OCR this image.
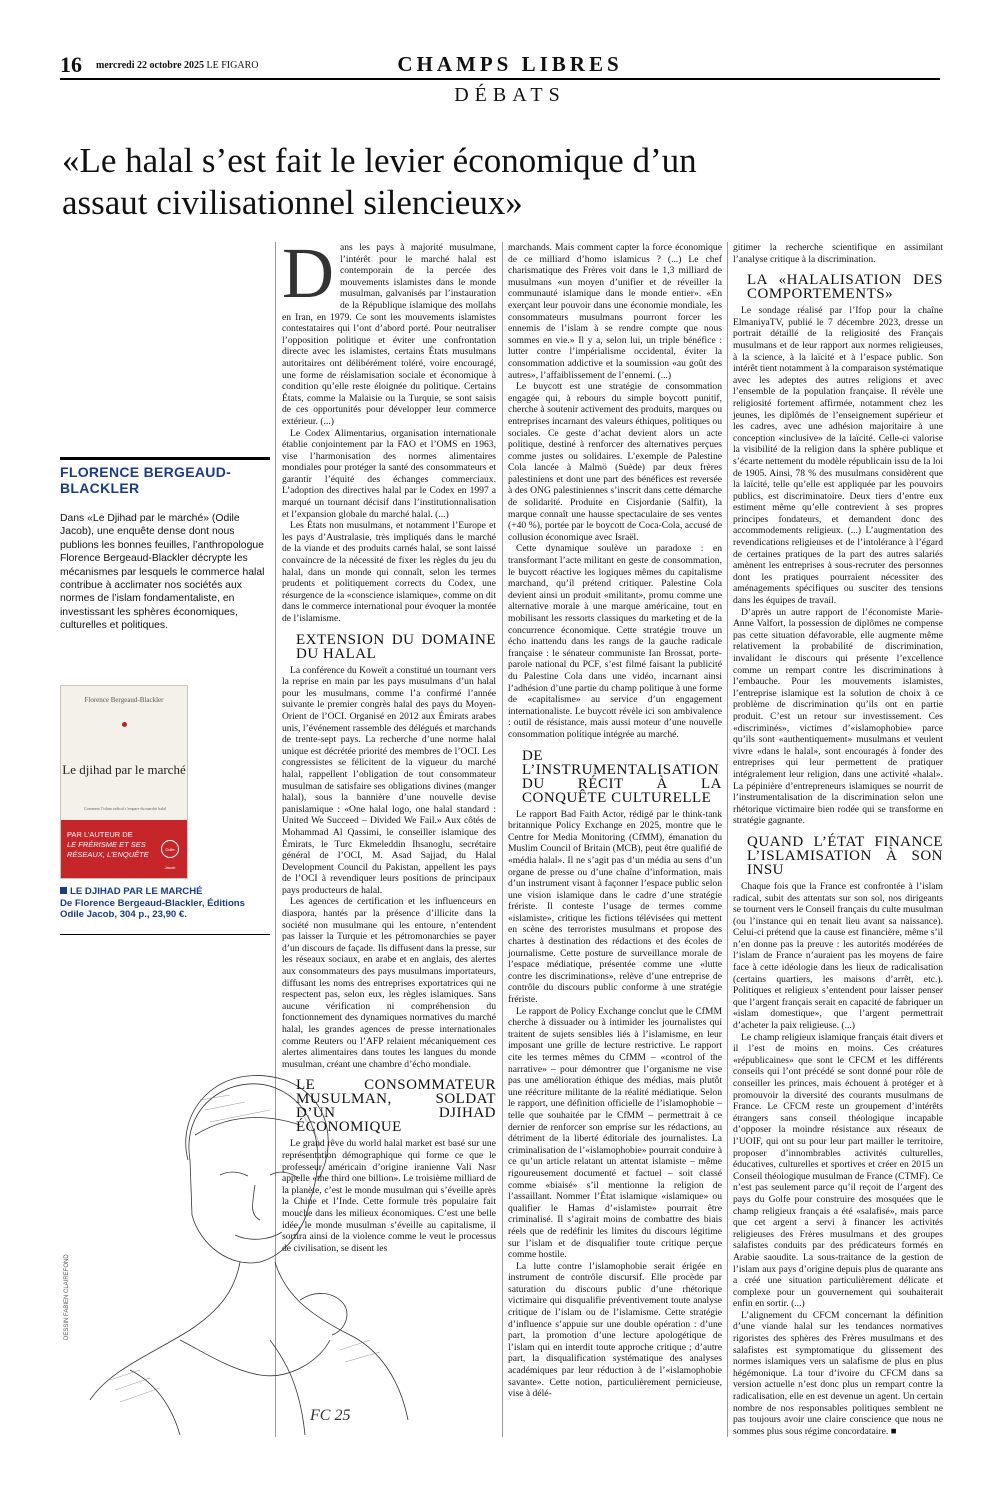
16 mercredi 22 octobre 2025 LE FIGARO	CHAMPS LIBRES
DÉBATS
«Le halal s’est fait le levier économique d’un assaut civilisationnel silencieux»
FLORENCE BERGEAUD-BLACKLER
Dans «Le Djihad par le marché» (Odile Jacob), une enquête dense dont nous publions les bonnes feuilles, l’anthropologue Florence Bergeaud-Blackler décrypte les mécanismes par lesquels le commerce halal contribue à acclimater nos sociétés aux normes de l’islam fondamentaliste, en investissant les sphères économiques, culturelles et politiques.
Florence Bergeaud-Blackler
Le djihad par le marché
Comment l’islam radical s’empare du marché halal
PAR L’AUTEUR DE
LE FRÉRISME ET SES RÉSEAUX, L’ENQUÊTE
Odile Jacob
LE DJIHAD PAR LE MARCHÉ
De Florence Bergeaud-Blackler, Éditions Odile Jacob, 304 p., 23,90 €.
FC 25
DESSIN FABIEN CLAIREFOND
D ans les pays à majorité musulmane, l’intérêt pour le marché halal est contemporain de la percée des mouvements islamistes dans le monde musulman, galvanisés par l’instauration de la République islamique des mollahs en Iran, en 1979. Ce sont les mouvements islamistes contestataires qui l’ont d’abord porté. Pour neutraliser l’opposition politique et éviter une confrontation directe avec les islamistes, certains États musulmans autoritaires ont délibérément toléré, voire encouragé, une forme de réislamisation sociale et économique à condition qu’elle reste éloignée du politique. Certains États, comme la Malaisie ou la Turquie, se sont saisis de ces opportunités pour développer leur commerce extérieur. (...)

Le Codex Alimentarius, organisation internationale établie conjointement par la FAO et l’OMS en 1963, vise l’harmonisation des normes alimentaires mondiales pour protéger la santé des consommateurs et garantir l’équité des échanges commerciaux. L’adoption des directives halal par le Codex en 1997 a marqué un tournant décisif dans l’institutionnalisation et l’expansion globale du marché halal. (...)

Les États non musulmans, et notamment l’Europe et les pays d’Australasie, très impliqués dans le marché de la viande et des produits carnés halal, se sont laissé convaincre de la nécessité de fixer les règles du jeu du halal, dans un monde qui connaît, selon les termes prudents et politiquement corrects du Codex, une résurgence de la «conscience islamique», comme on dit dans le commerce international pour évoquer la montée de l’islamisme.

EXTENSION DU DOMAINE DU HALAL

La conférence du Koweït a constitué un tournant vers la reprise en main par les pays musulmans d’un halal pour les musulmans, comme l’a confirmé l’année suivante le premier congrès halal des pays du Moyen-Orient de l’OCI. Organisé en 2012 aux Émirats arabes unis, l’événement rassemble des délégués et marchands de trente-sept pays. La recherche d’une norme halal unique est décrétée priorité des membres de l’OCI. Les congressistes se félicitent de la vigueur du marché halal, rappellent l’obligation de tout consommateur musulman de satisfaire ses obligations divines (manger halal), sous la bannière d’une nouvelle devise panislamique : «One halal logo, one halal standard : United We Succeed – Divided We Fail.» Aux côtés de Mohammad Al Qassimi, le conseiller islamique des Émirats, le Turc Ekmeleddin Ihsanoglu, secrétaire général de l’OCI, M. Asad Sajjad, du Halal Development Council du Pakistan, appellent les pays de l’OCI à revendiquer leurs positions de principaux pays producteurs de halal.

Les agences de certification et les influenceurs en diaspora, hantés par la présence d’illicite dans la société non musulmane qui les entoure, n’entendent pas laisser la Turquie et les pétromonarchies se payer d’un discours de façade. Ils diffusent dans la presse, sur les réseaux sociaux, en arabe et en anglais, des alertes aux consommateurs des pays musulmans importateurs, diffusant les noms des entreprises exportatrices qui ne respectent pas, selon eux, les règles islamiques. Sans aucune vérification ni compréhension du fonctionnement des dynamiques normatives du marché halal, les grandes agences de presse internationales comme Reuters ou l’AFP relaient mécaniquement ces alertes alimentaires dans toutes les langues du monde musulman, créant une chambre d’écho mondiale.

LE CONSOMMATEUR MUSULMAN, SOLDAT D’UN DJIHAD ÉCONOMIQUE

Le grand rêve du world halal market est basé sur une représentation démographique qui forme ce que le professeur américain d’origine iranienne Vali Nasr appelle «the third one billion». Le troisième milliard de la planète, c’est le monde musulman qui s’éveille après la Chine et l’Inde. Cette formule très populaire fait mouche dans les milieux économiques. C’est une belle idée, le monde musulman s’éveille au capitalisme, il sortira ainsi de la violence comme le veut le processus de civilisation, se disent les

marchands. Mais comment capter la force économique de ce milliard d’homo islamicus ? (...) Le chef charismatique des Frères voit dans le 1,3 milliard de musulmans «un moyen d’unifier et de réveiller la communauté islamique dans le monde entier». «En exerçant leur pouvoir dans une économie mondiale, les consommateurs musulmans pourront forcer les ennemis de l’islam à se rendre compte que nous sommes en vie.» Il y a, selon lui, un triple bénéfice : lutter contre l’impérialisme occidental, éviter la consommation addictive et la soumission «au goût des autres», l’affaiblissement de l’ennemi. (...)

Le buycott est une stratégie de consommation engagée qui, à rebours du simple boycott punitif, cherche à soutenir activement des produits, marques ou entreprises incarnant des valeurs éthiques, politiques ou sociales. Ce geste d’achat devient alors un acte politique, destiné à renforcer des alternatives perçues comme justes ou solidaires. L’exemple de Palestine Cola lancée à Malmö (Suède) par deux frères palestiniens et dont une part des bénéfices est reversée à des ONG palestiniennes s’inscrit dans cette démarche de solidarité. Produite en Cisjordanie (Salfit), la marque connaît une hausse spectaculaire de ses ventes (+40 %), portée par le boycott de Coca-Cola, accusé de collusion économique avec Israël.

Cette dynamique soulève un paradoxe : en transformant l’acte militant en geste de consommation, le buycott réactive les logiques mêmes du capitalisme marchand, qu’il prétend critiquer. Palestine Cola devient ainsi un produit «militant», promu comme une alternative morale à une marque américaine, tout en mobilisant les ressorts classiques du marketing et de la concurrence économique. Cette stratégie trouve un écho inattendu dans les rangs de la gauche radicale française : le sénateur communiste Ian Brossat, porte-parole national du PCF, s’est filmé faisant la publicité du Palestine Cola dans une vidéo, incarnant ainsi l’adhésion d’une partie du champ politique à une forme de «capitalisme» au service d’un engagement internationaliste. Le buycott révèle ici son ambivalence : outil de résistance, mais aussi moteur d’une nouvelle consommation politique intégrée au marché.

DE L’INSTRUMENTALISATION DU RÉCIT À LA CONQUÊTE CULTURELLE

Le rapport Bad Faith Actor, rédigé par le think-tank britannique Policy Exchange en 2025, montre que le Centre for Media Monitoring (CfMM), émanation du Muslim Council of Britain (MCB), peut être qualifié de «média halal». Il ne s’agit pas d’un média au sens d’un organe de presse ou d’une chaîne d’information, mais d’un instrument visant à façonner l’espace public selon une vision islamique dans le cadre d’une stratégie frériste. Il conteste l’usage de termes comme «islamiste», critique les fictions télévisées qui mettent en scène des terroristes musulmans et propose des chartes à destination des rédactions et des écoles de journalisme. Cette posture de surveillance morale de l’espace médiatique, présentée comme une «lutte contre les discriminations», relève d’une entreprise de contrôle du discours public conforme à une stratégie frériste.

Le rapport de Policy Exchange conclut que le CfMM cherche à dissuader ou à intimider les journalistes qui traitent de sujets sensibles liés à l’islamisme, en leur imposant une grille de lecture restrictive. Le rapport cite les termes mêmes du CfMM – «control of the narrative» – pour démontrer que l’organisme ne vise pas une amélioration éthique des médias, mais plutôt une réécriture militante de la réalité médiatique. Selon le rapport, une définition officielle de l’islamophobie – telle que souhaitée par le CfMM – permettrait à ce dernier de renforcer son emprise sur les rédactions, au détriment de la liberté éditoriale des journalistes. La criminalisation de l’«islamophobie» pourrait conduire à ce qu’un article relatant un attentat islamiste – même rigoureusement documenté et factuel – soit classé comme «biaisé» s’il mentionne la religion de l’assaillant. Nommer l’État islamique «islamique» ou qualifier le Hamas d’«islamiste» pourrait être criminalisé. Il s’agirait moins de combattre des biais réels que de redéfinir les limites du discours légitime sur l’islam et de disqualifier toute critique perçue comme hostile.

La lutte contre l’islamophobie serait érigée en instrument de contrôle discursif. Elle procède par saturation du discours public d’une rhétorique victimaire qui disqualifie préventivement toute analyse critique de l’islam ou de l’islamisme. Cette stratégie d’influence s’appuie sur une double opération : d’une part, la promotion d’une lecture apologétique de l’islam qui en interdit toute approche critique ; d’autre part, la disqualification systématique des analyses académiques par leur réduction à de l’«islamophobie savante». Cette notion, particulièrement pernicieuse, vise à délé-

gitimer la recherche scientifique en assimilant l’analyse critique à la discrimination.

LA «HALALISATION DES COMPORTEMENTS»

Le sondage réalisé par l’Ifop pour la chaîne ElmaniyaTV, publié le 7 décembre 2023, dresse un portrait détaillé de la religiosité des Français musulmans et de leur rapport aux normes religieuses, à la science, à la laïcité et à l’espace public. Son intérêt tient notamment à la comparaison systématique avec les adeptes des autres religions et avec l’ensemble de la population française. Il révèle une religiosité fortement affirmée, notamment chez les jeunes, les diplômés de l’enseignement supérieur et les cadres, avec une adhésion majoritaire à une conception «inclusive» de la laïcité. Celle-ci valorise la visibilité de la religion dans la sphère publique et s’écarte nettement du modèle républicain issu de la loi de 1905. Ainsi, 78 % des musulmans considèrent que la laïcité, telle qu’elle est appliquée par les pouvoirs publics, est discriminatoire. Deux tiers d’entre eux estiment même qu’elle contrevient à ses propres principes fondateurs, et demandent donc des accommodements religieux. (...) L’augmentation des revendications religieuses et de l’intolérance à l’égard de certaines pratiques de la part des autres salariés amènent les entreprises à sous-recruter des personnes dont les pratiques pourraient nécessiter des aménagements spécifiques ou susciter des tensions dans les équipes de travail.

D’après un autre rapport de l’économiste Marie-Anne Valfort, la possession de diplômes ne compense pas cette situation défavorable, elle augmente même relativement la probabilité de discrimination, invalidant le discours qui présente l’excellence comme un rempart contre les discriminations à l’embauche. Pour les mouvements islamistes, l’entreprise islamique est la solution de choix à ce problème de discrimination qu’ils ont en partie produit. C’est un retour sur investissement. Ces «discriminés», victimes d’«islamophobie» parce qu’ils sont «authentiquement» musulmans et veulent vivre «dans le halal», sont encouragés à fonder des entreprises qui leur permettent de pratiquer intégralement leur religion, dans une activité «halal». La pépinière d’entrepreneurs islamiques se nourrit de l’instrumentalisation de la discrimination selon une rhétorique victimaire bien rodée qui se transforme en stratégie gagnante.

QUAND L’ÉTAT FINANCE L’ISLAMISATION À SON INSU

Chaque fois que la France est confrontée à l’islam radical, subit des attentats sur son sol, nos dirigeants se tournent vers le Conseil français du culte musulman (ou l’instance qui en tenait lieu avant sa naissance). Celui-ci prétend que la cause est financière, même s’il n’en donne pas la preuve : les autorités modérées de l’islam de France n’auraient pas les moyens de faire face à cette idéologie dans les lieux de radicalisation (certains quartiers, les maisons d’arrêt, etc.). Politiques et religieux s’entendent pour laisser penser que l’argent français serait en capacité de fabriquer un «islam domestique», que l’argent permettrait d’acheter la paix religieuse. (...)

Le champ religieux islamique français était divers et il l’est de moins en moins. Ces créatures «républicaines» que sont le CFCM et les différents conseils qui l’ont précédé se sont donné pour rôle de conseiller les princes, mais échouent à protéger et à promouvoir la diversité des courants musulmans de France. Le CFCM reste un groupement d’intérêts étrangers sans conseil théologique incapable d’opposer la moindre résistance aux réseaux de l’UOIF, qui ont su pour leur part mailler le territoire, proposer d’innombrables activités culturelles, éducatives, culturelles et sportives et créer en 2015 un Conseil théologique musulman de France (CTMF). Ce n’est pas seulement parce qu’il reçoit de l’argent des pays du Golfe pour construire des mosquées que le champ religieux français a été «salafisé», mais parce que cet argent a servi à financer les activités religieuses des Frères musulmans et des groupes salafistes conduits par des prédicateurs formés en Arabie saoudite. La sous-traitance de la gestion de l’islam aux pays d’origine depuis plus de quarante ans a créé une situation particulièrement délicate et complexe pour un gouvernement qui souhaiterait enfin en sortir. (...)

L’alignement du CFCM concernant la définition d’une viande halal sur les tendances normatives rigoristes des sphères des Frères musulmans et des salafistes est symptomatique du glissement des normes islamiques vers un salafisme de plus en plus hégémonique. La tour d’ivoire du CFCM dans sa version actuelle n’est donc plus un rempart contre la radicalisation, elle en est devenue un agent. Un certain nombre de nos responsables politiques semblent ne pas toujours avoir une claire conscience que nous ne sommes plus sous régime concordataire. ■
